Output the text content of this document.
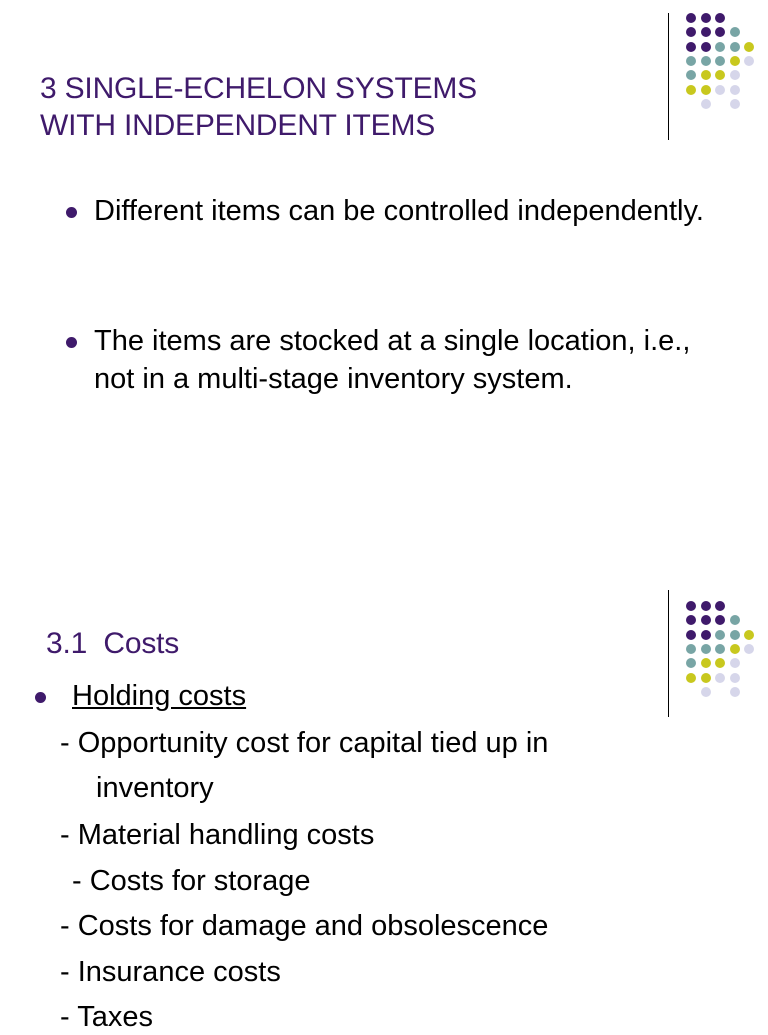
3 SINGLE-ECHELON SYSTEMS
WITH INDEPENDENT ITEMS
Different items can be controlled independently.
The items are stocked at a single location, i.e., not in a multi-stage inventory system.
3.1  Costs
Holding costs
- Opportunity cost for capital tied up in
inventory
- Material handling costs
- Costs for storage
- Costs for damage and obsolescence
- Insurance costs
- Taxes
